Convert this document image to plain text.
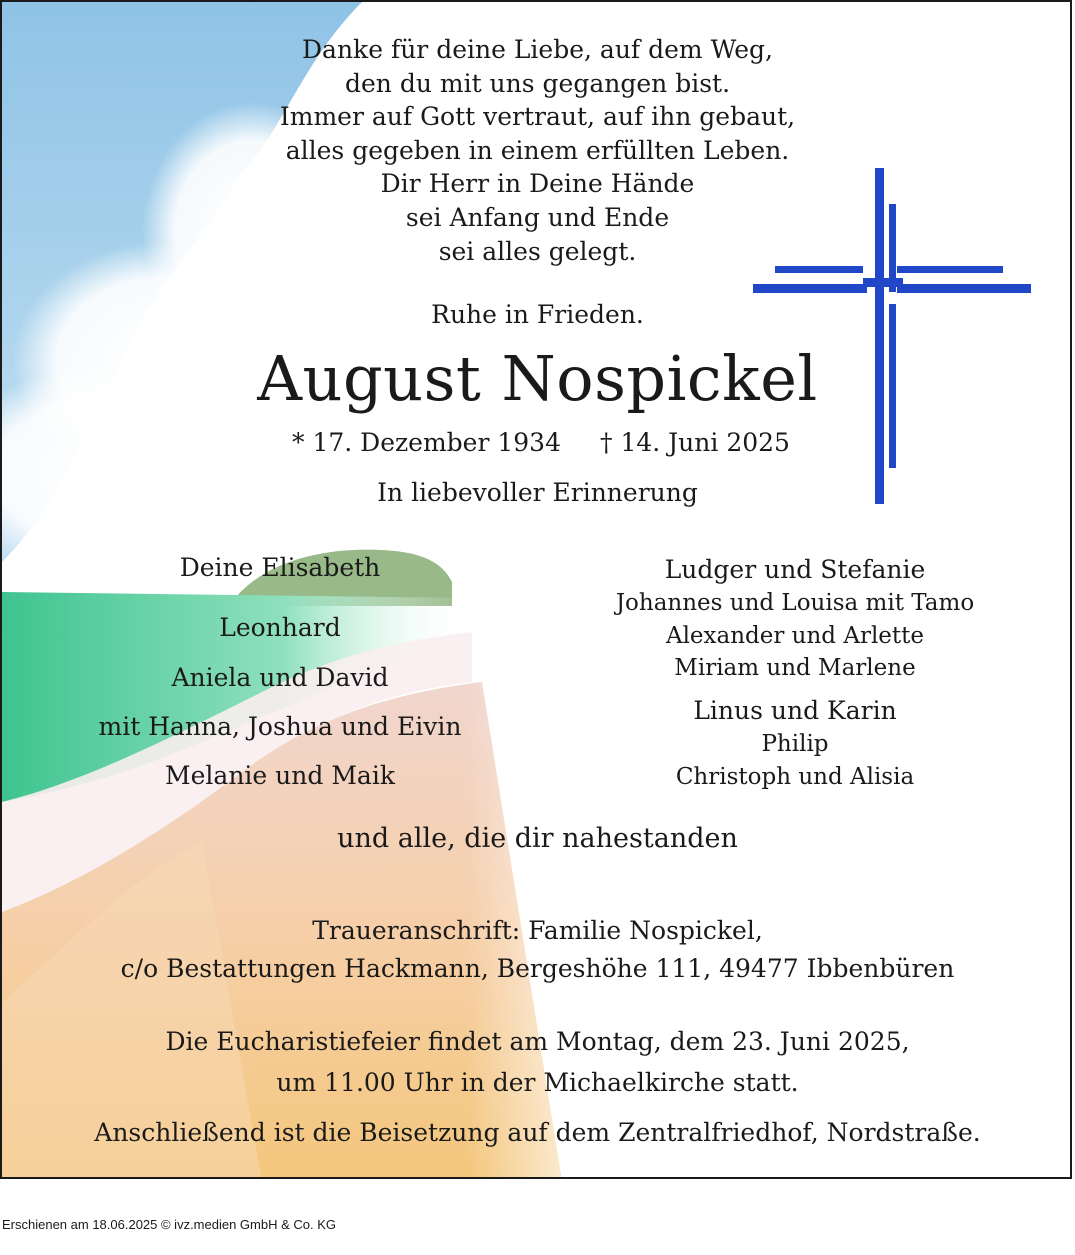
Danke für deine Liebe, auf dem Weg,
den du mit uns gegangen bist.
Immer auf Gott vertraut, auf ihn gebaut,
alles gegeben in einem erfüllten Leben.
Dir Herr in Deine Hände
sei Anfang und Ende
sei alles gelegt.
Ruhe in Frieden.
August Nospickel
* 17. Dezember 1934 † 14. Juni 2025
In liebevoller Erinnerung
Deine Elisabeth
Leonhard
Aniela und David
mit Hanna, Joshua und Eivin
Melanie und Maik
Ludger und Stefanie
Johannes und Louisa mit Tamo
Alexander und Arlette
Miriam und Marlene
Linus und Karin
Philip
Christoph und Alisia
und alle, die dir nahestanden
Traueranschrift: Familie Nospickel,
c/o Bestattungen Hackmann, Bergeshöhe 111, 49477 Ibbenbüren
Die Eucharistiefeier findet am Montag, dem 23. Juni 2025,
um 11.00 Uhr in der Michaelkirche statt.
Anschließend ist die Beisetzung auf dem Zentralfriedhof, Nordstraße.
Erschienen am 18.06.2025 © ivz.medien GmbH & Co. KG
